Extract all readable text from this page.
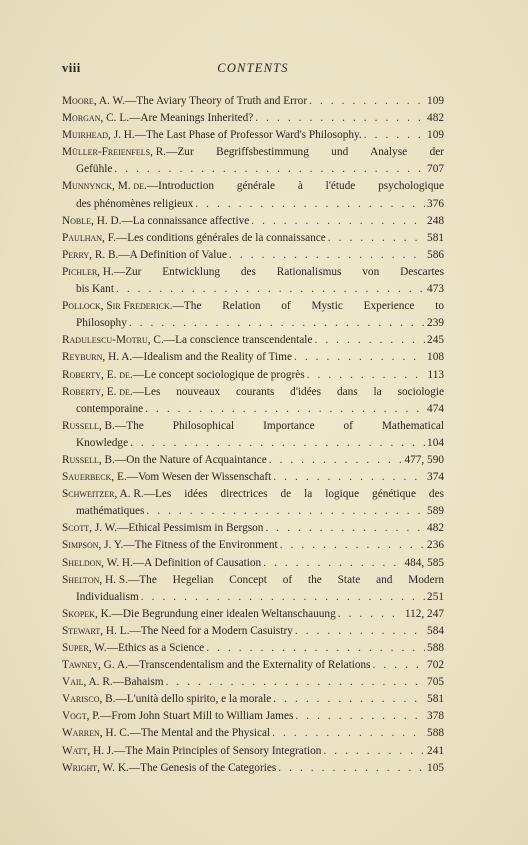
viii	CONTENTS
Moore, A. W. —The Aviary Theory of Truth and Error . . .	109
Morgan, C. L. —Are Meanings Inherited? . . .	482
Muirhead, J. H. —The Last Phase of Professor Ward's Philosophy. . . .	109
Müller-Freienfels, R. —Zur Begriffsbestimmung und Analyse der
Gefühle . . .	707
Munnynck, M. de. —Introduction générale à l'étude psychologique
des phénomènes religieux . . .	376
Noble, H. D. —La connaissance affective . . .	248
Paulhan, F. —Les conditions générales de la connaissance . . .	581
Perry, R. B. —A Definition of Value . . .	586
Pichler, H. —Zur Entwicklung des Rationalismus von Descartes
bis Kant . . .	473
Pollock, Sir Frederick. —The Relation of Mystic Experience to
Philosophy . . .	239
Radulescu-Motru, C. —La conscience transcendentale . . .	245
Reyburn, H. A. —Idealism and the Reality of Time . . .	108
Roberty, E. de. —Le concept sociologique de progrès . . .	113
Roberty, E. de. —Les nouveaux courants d'idées dans la sociologie
contemporaine . . .	474
Russell, B. —The Philosophical Importance of Mathematical
Knowledge . . .	104
Russell, B. —On the Nature of Acquaintance . . .	477, 590
Sauerbeck, E. —Vom Wesen der Wissenschaft . . .	374
Schweitzer, A. R. —Les idées directrices de la logique génétique des
mathématiques . . .	589
Scott, J. W. —Ethical Pessimism in Bergson . . .	482
Simpson, J. Y. —The Fitness of the Environment . . .	236
Sheldon, W. H. —A Definition of Causation . . .	484, 585
Shelton, H. S. —The Hegelian Concept of the State and Modern
Individualism . . .	251
Skopek, K. —Die Begrundung einer idealen Weltanschauung . . .	112, 247
Stewart, H. L. —The Need for a Modern Casuistry . . .	584
Super, W. —Ethics as a Science . . .	588
Tawney, G. A. —Transcendentalism and the Externality of Relations . . .	702
Vail, A. R. —Bahaism . . .	705
Varisco, B. —L'unità dello spirito, e la morale . . .	581
Vogt, P. —From John Stuart Mill to William James . . .	378
Warren, H. C. —The Mental and the Physical . . .	588
Watt, H. J. —The Main Principles of Sensory Integration . . .	241
Wright, W. K. —The Genesis of the Categories . . .	105
